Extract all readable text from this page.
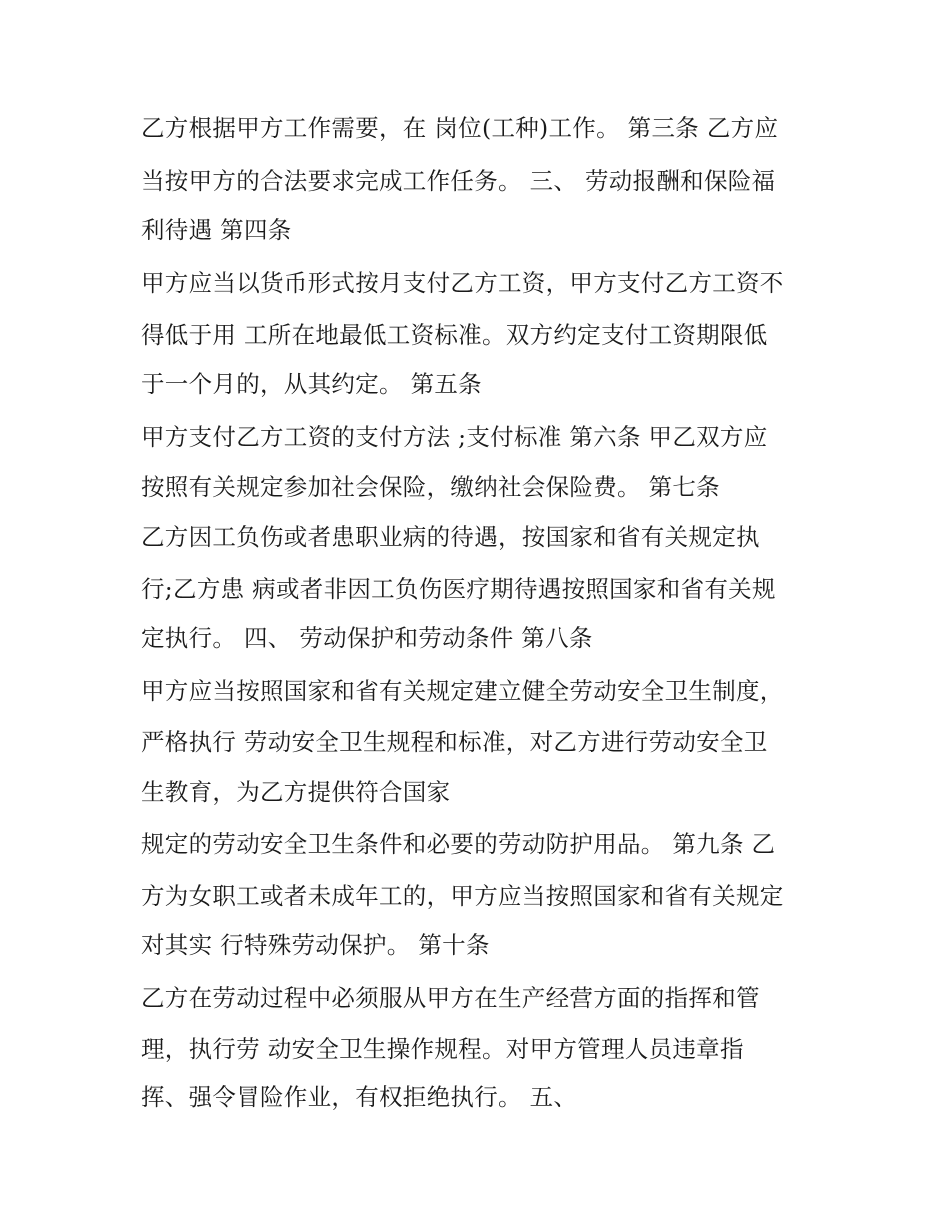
乙方根据甲方工作需要，在 岗位(工种)工作。 第三条 乙方应

当按甲方的合法要求完成工作任务。 三、 劳动报酬和保险福

利待遇 第四条

甲方应当以货币形式按月支付乙方工资，甲方支付乙方工资不

得低于用 工所在地最低工资标准。双方约定支付工资期限低

于一个月的，从其约定。 第五条

甲方支付乙方工资的支付方法 ;支付标准 第六条 甲乙双方应

按照有关规定参加社会保险，缴纳社会保险费。 第七条

乙方因工负伤或者患职业病的待遇，按国家和省有关规定执

行;乙方患 病或者非因工负伤医疗期待遇按照国家和省有关规

定执行。 四、 劳动保护和劳动条件 第八条

甲方应当按照国家和省有关规定建立健全劳动安全卫生制度，

严格执行 劳动安全卫生规程和标准，对乙方进行劳动安全卫

生教育，为乙方提供符合国家

规定的劳动安全卫生条件和必要的劳动防护用品。 第九条 乙

方为女职工或者未成年工的，甲方应当按照国家和省有关规定

对其实 行特殊劳动保护。 第十条

乙方在劳动过程中必须服从甲方在生产经营方面的指挥和管

理，执行劳 动安全卫生操作规程。对甲方管理人员违章指

挥、强令冒险作业，有权拒绝执行。 五、
